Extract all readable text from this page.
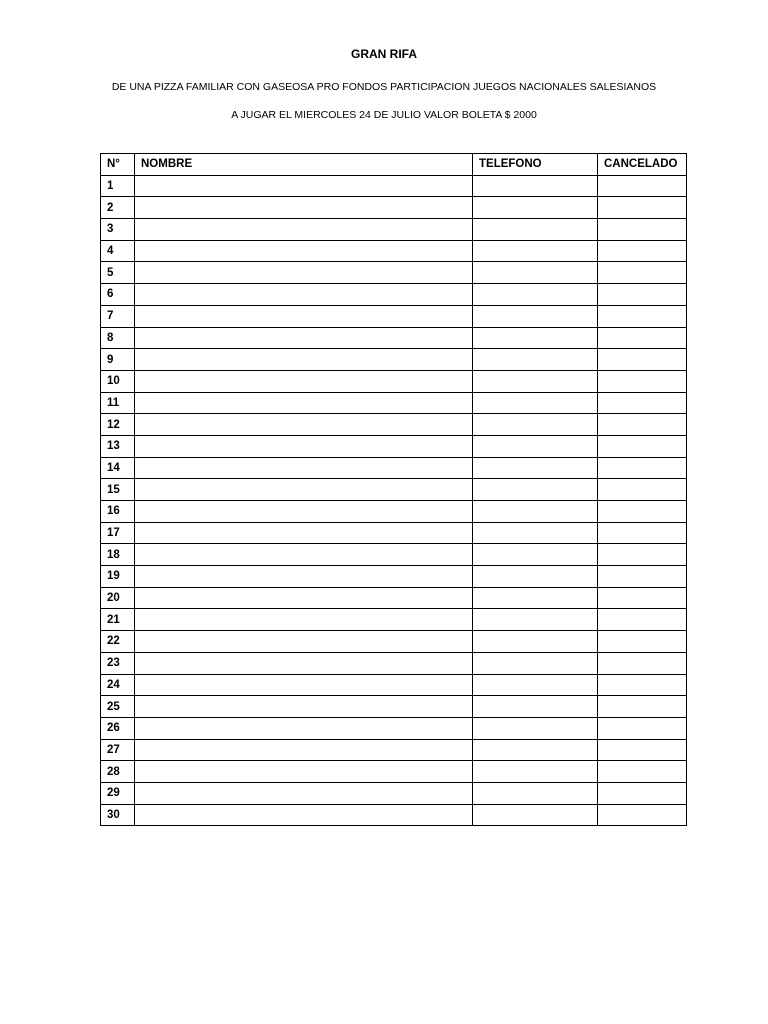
GRAN RIFA
DE UNA PIZZA FAMILIAR CON GASEOSA PRO FONDOS PARTICIPACION JUEGOS NACIONALES SALESIANOS
A JUGAR EL MIERCOLES 24 DE JULIO VALOR BOLETA $ 2000
N°	NOMBRE	TELEFONO	CANCELADO
1			
2			
3			
4			
5			
6			
7			
8			
9			
10			
11			
12			
13			
14			
15			
16			
17			
18			
19			
20			
21			
22			
23			
24			
25			
26			
27			
28			
29			
30			
